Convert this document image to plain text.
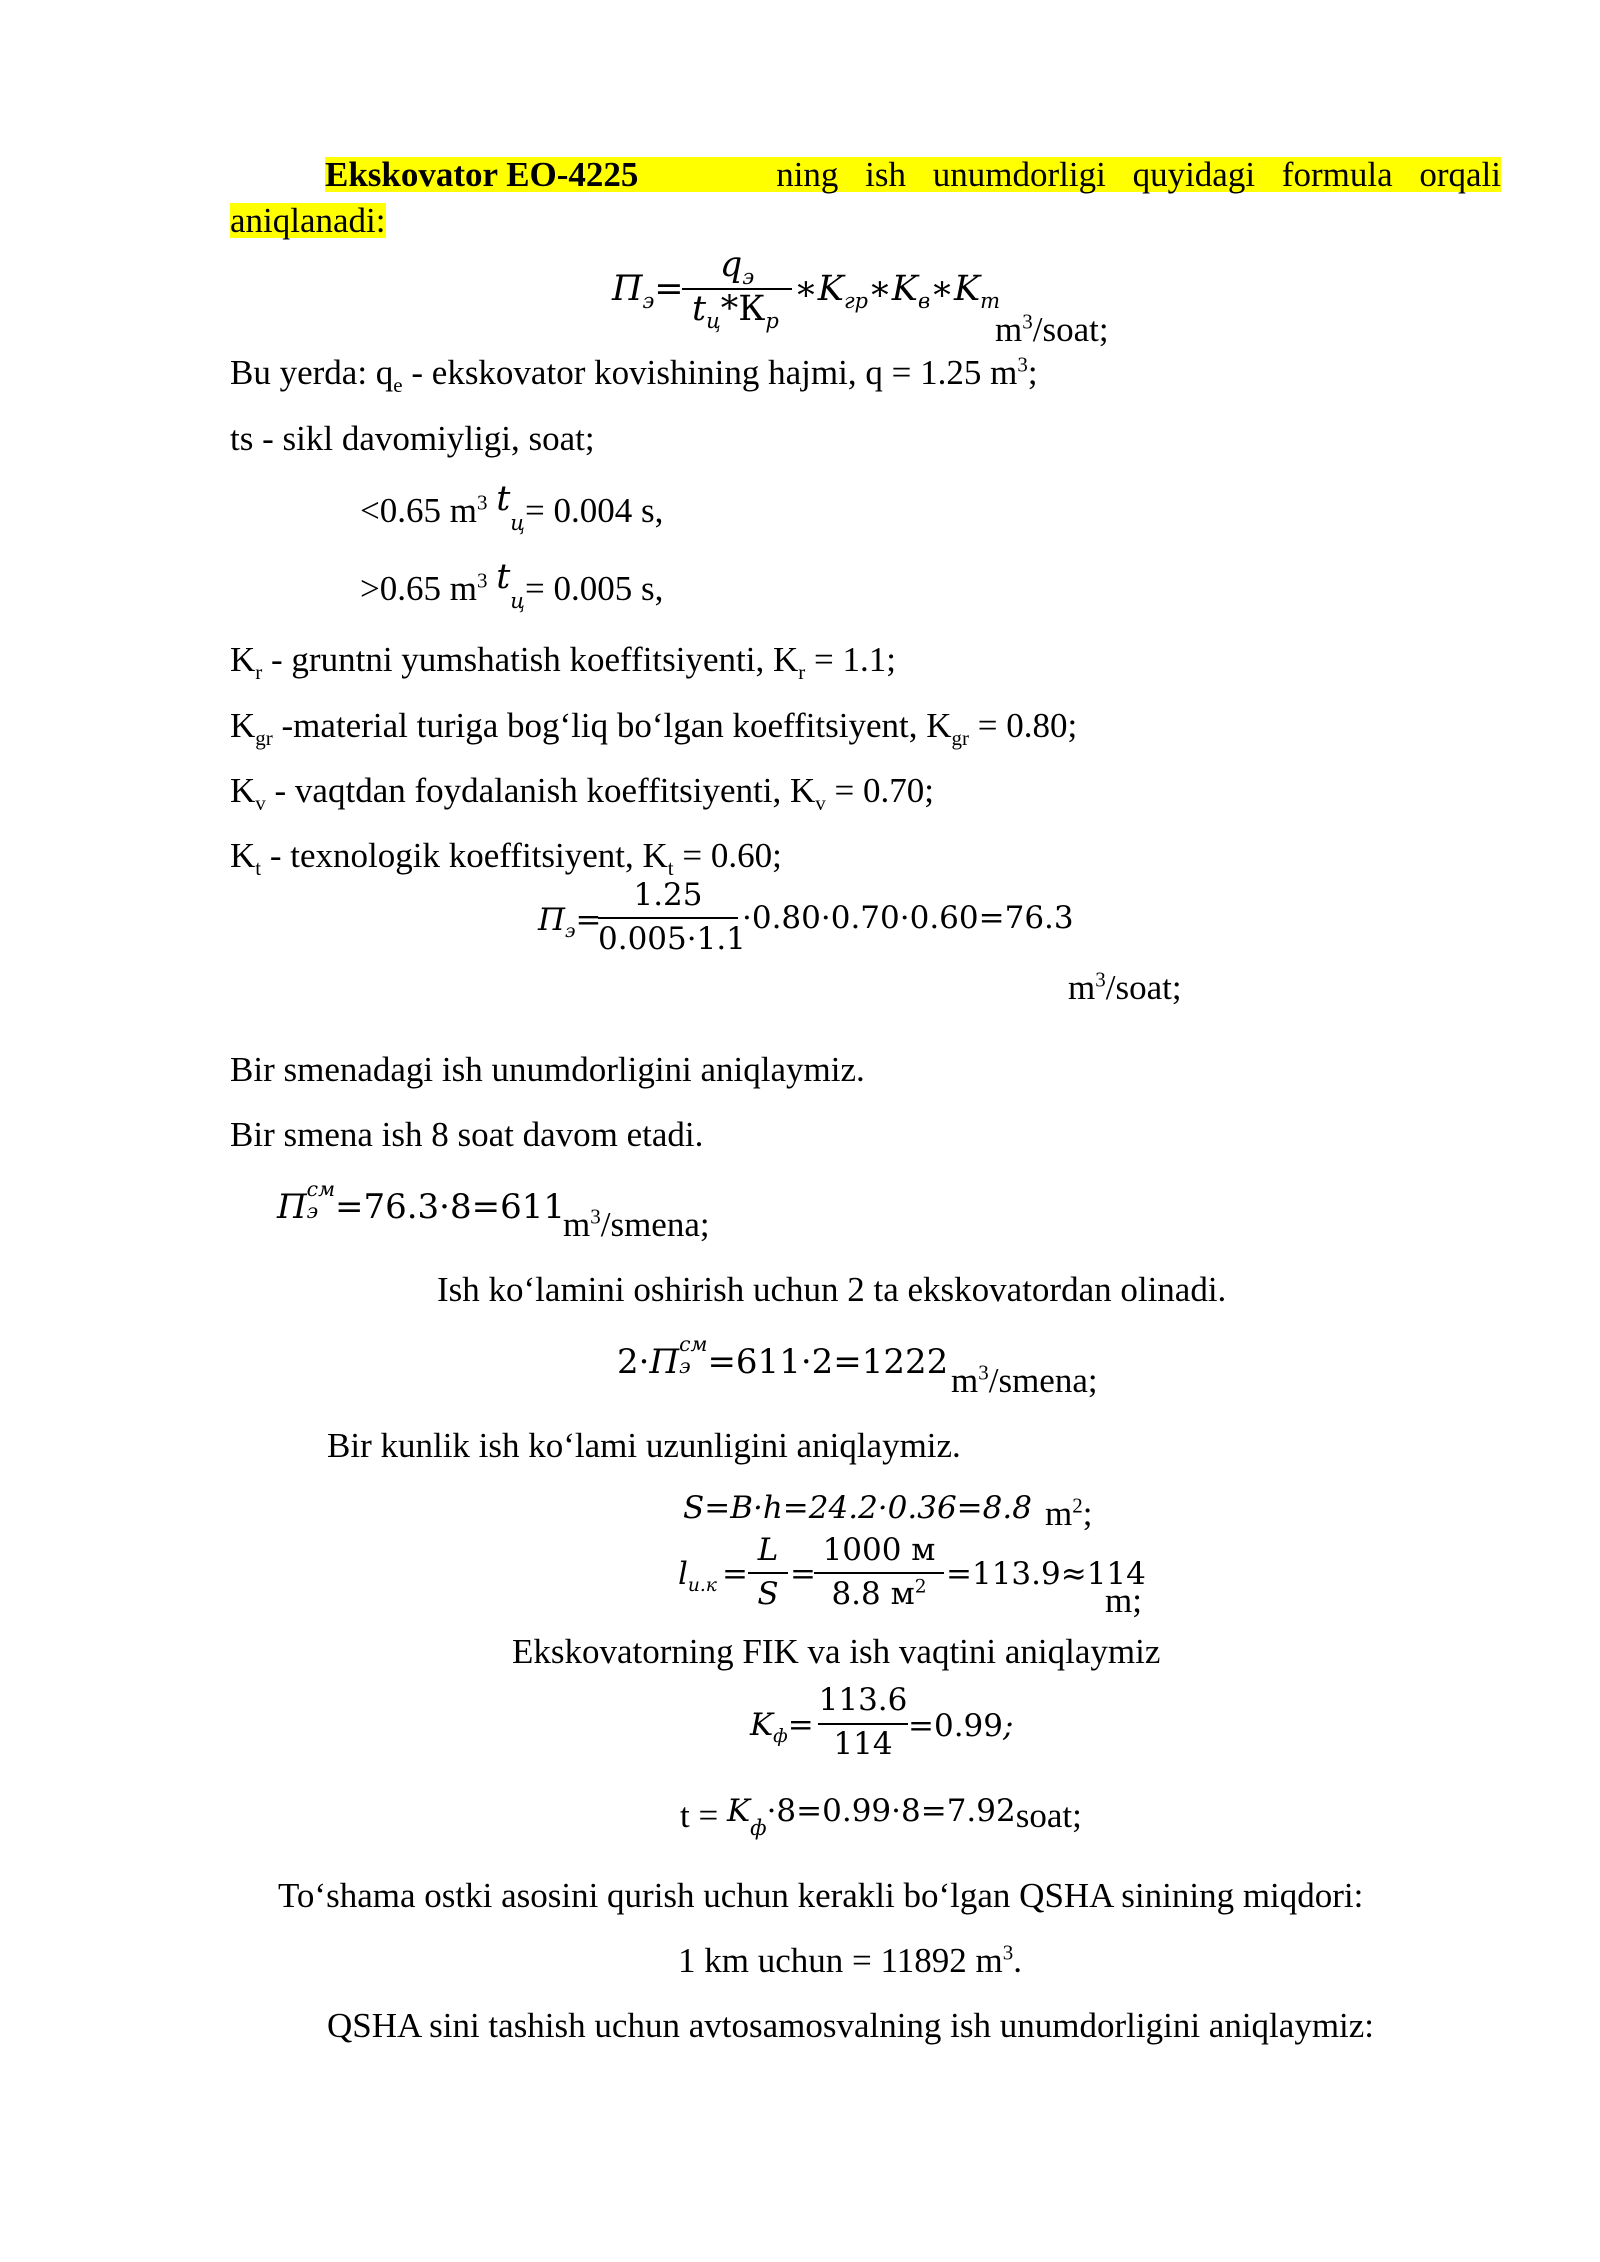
Ekskovator EO-4225	ning ish unumdorligi quyidagi formula orqali
aniqlanadi:
$П_э=$
$q_э$
$t_ц*К_р$
$∗K_{гр}∗K_в∗K_т$
$m^3$/soat;
Bu yerda: $q_e$ - ekskovator kovishining hajmi, q = 1.25 $m^3$;
ts - sikl davomiyligi, soat;
<0.65 $m^3$ $t_ц= 0.004$ s,
>0.65 $m^3$ $t_ц= 0.005$ s,
$K_r$ - gruntni yumshatish koeffitsiyenti, $K_r = 1.1$;
$K_{gr}$ -material turiga bog‘liq bo‘lgan koeffitsiyent, $K_{gr} = 0.80$;
$K_v$ - vaqtdan foydalanish koeffitsiyenti, $K_v = 0.70$;
$K_t$ - texnologik koeffitsiyent, $K_t = 0.60$;
$П_э=$
1.25
0.005·1.1
·0.80·0.70·0.60=76.3
$m^3$/soat;
Bir smenadagi ish unumdorligini aniqlaymiz.
Bir smena ish 8 soat davom etadi.
П см
э =76.3·8=611
$m^3$/smena;
Ish ko‘lamini oshirish uchun 2 ta ekskovatordan olinadi.
2·П см
э =611·2=1222 $m^3$/smena;
Bir kunlik ish ko‘lami uzunligini aniqlaymiz.
S=B·h=24.2·0.36=8.8 $m^2$;
$l_{и.к}$ =
L
S
=
1000 м
8.8 $м^2 =113.9\approx 114$
m;
Ekskovatorning FIK va ish vaqtini aniqlaymiz
$K_ф=$
113.6
114 =0.99;
$t = K_ф\cdot 8=0.99\cdot 8=7.92soat$;
To‘shama ostki asosini qurish uchun kerakli bo‘lgan QSHA sinining miqdori:
1 km uchun = 11892 $m^3$.
QSHA sini tashish uchun avtosamosvalning ish unumdorligini aniqlaymiz:
